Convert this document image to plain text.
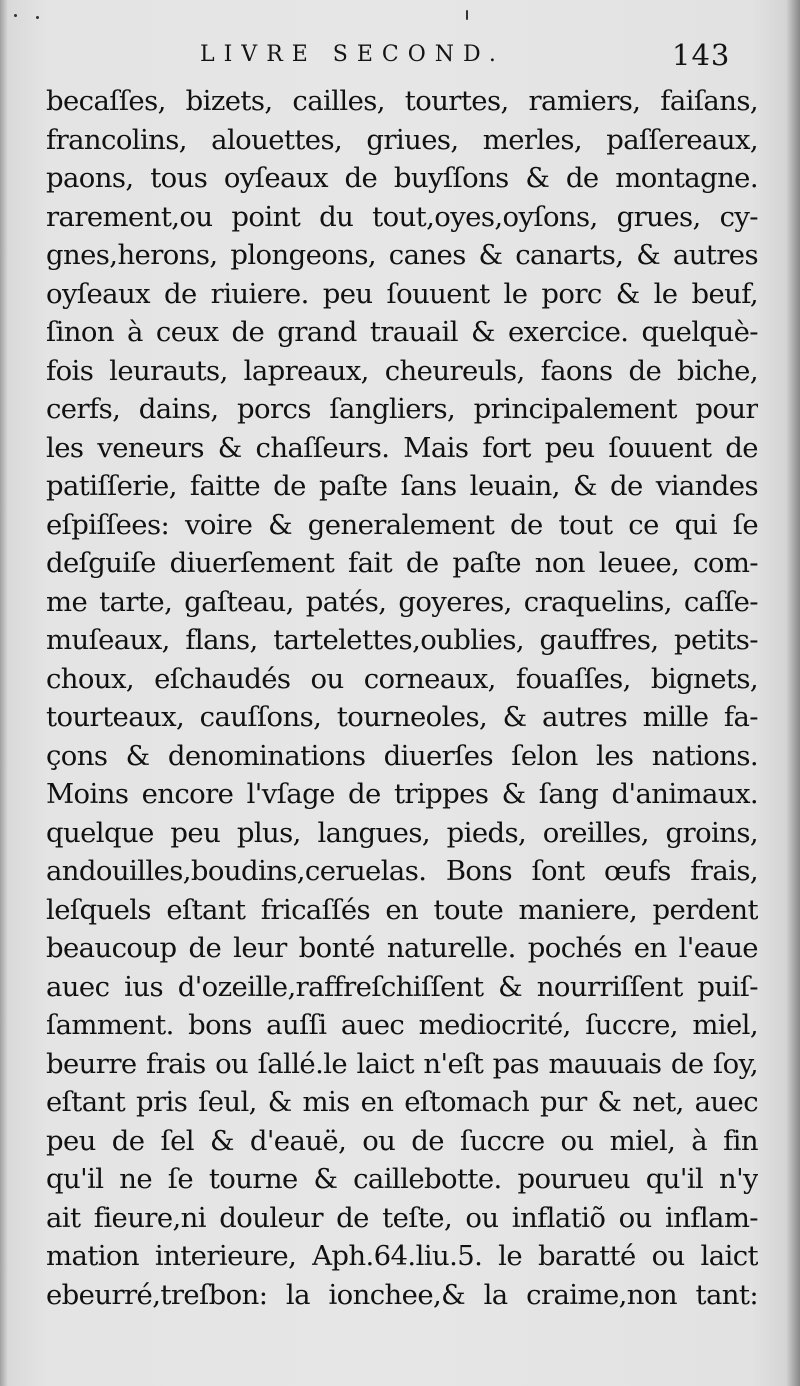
LIVRE SECOND.	143
becaſſes, bizets, cailles, tourtes, ramiers, faiſans,
francolins, alouettes, griues, merles, paſſereaux,
paons, tous oyſeaux de buyſſons & de montagne.
rarement,ou point du tout,oyes,oyſons, grues, cy-
gnes,herons, plongeons, canes & canarts, & autres
oyſeaux de riuiere. peu ſouuent le porc & le beuf,
ſinon à ceux de grand trauail & exercice. quelquè-
fois leurauts, lapreaux, cheureuls, faons de biche,
cerfs, dains, porcs ſangliers, principalement pour
les veneurs & chaſſeurs. Mais fort peu ſouuent de
patiſſerie, faitte de paſte ſans leuain, & de viandes
eſpiſſees: voire & generalement de tout ce qui ſe
deſguiſe diuerſement fait de paſte non leuee, com-
me tarte, gaſteau, patés, goyeres, craquelins, caſſe-
muſeaux, flans, tartelettes,oublies, gauffres, petits-
choux, eſchaudés ou corneaux, fouaſſes, bignets,
tourteaux, cauſſons, tourneoles, & autres mille fa-
çons & denominations diuerſes ſelon les nations.
Moins encore l'vſage de trippes & ſang d'animaux.
quelque peu plus, langues, pieds, oreilles, groins,
andouilles,boudins,ceruelas. Bons ſont œufs frais,
leſquels eſtant fricaſſés en toute maniere, perdent
beaucoup de leur bonté naturelle. pochés en l'eaue
auec ius d'ozeille,raffreſchiſſent & nourriſſent puiſ-
ſamment. bons auſſi auec mediocrité, ſuccre, miel,
beurre frais ou ſallé.le laict n'eſt pas mauuais de ſoy,
eſtant pris ſeul, & mis en eſtomach pur & net, auec
peu de ſel & d'eauë, ou de ſuccre ou miel, à fin
qu'il ne ſe tourne & caillebotte. pourueu qu'il n'y
ait fieure,ni douleur de teſte, ou inflatiõ ou inflam-
mation interieure, Aph.64.liu.5. le baratté ou laict
ebeurré,treſbon: la ionchee,& la craime,non tant:
